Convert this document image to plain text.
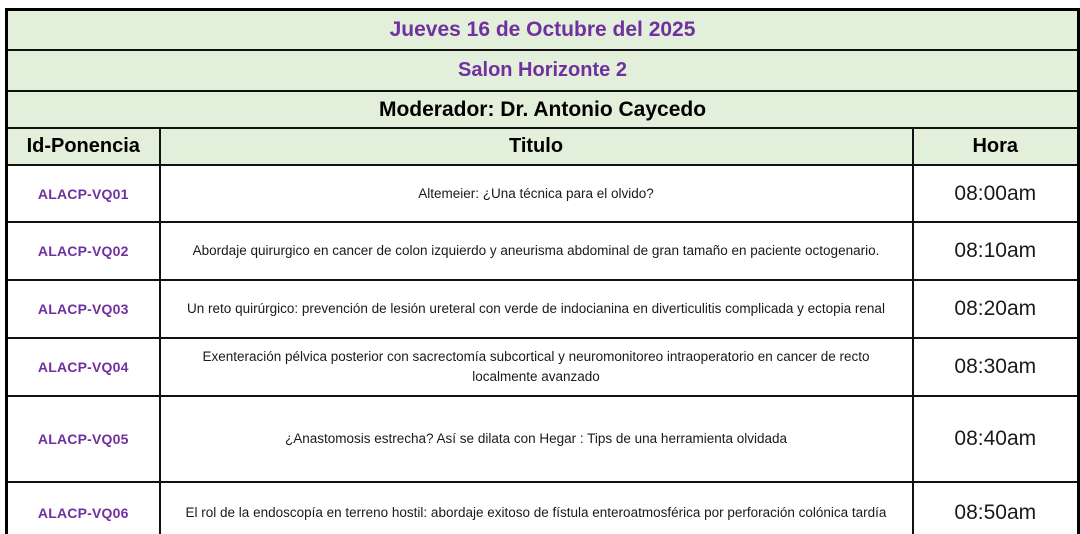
Jueves 16 de Octubre del 2025		
Salon Horizonte 2		
Moderador: Dr. Antonio Caycedo		
Id-Ponencia	Titulo	Hora
ALACP-VQ01	Altemeier: ¿Una técnica para el olvido?	08:00am
ALACP-VQ02	Abordaje quirurgico en cancer de colon izquierdo y aneurisma abdominal de gran tamaño en paciente octogenario.	08:10am
ALACP-VQ03	Un reto quirúrgico: prevención de lesión ureteral con verde de indocianina en diverticulitis complicada y ectopia renal	08:20am
ALACP-VQ04	Exenteración pélvica posterior con sacrectomía subcortical y neuromonitoreo intraoperatorio en cancer de recto localmente avanzado	08:30am
ALACP-VQ05	¿Anastomosis estrecha? Así se dilata con Hegar : Tips de una herramienta olvidada	08:40am
ALACP-VQ06	El rol de la endoscopía en terreno hostil: abordaje exitoso de fístula enteroatmosférica por perforación colónica tardía	08:50am
